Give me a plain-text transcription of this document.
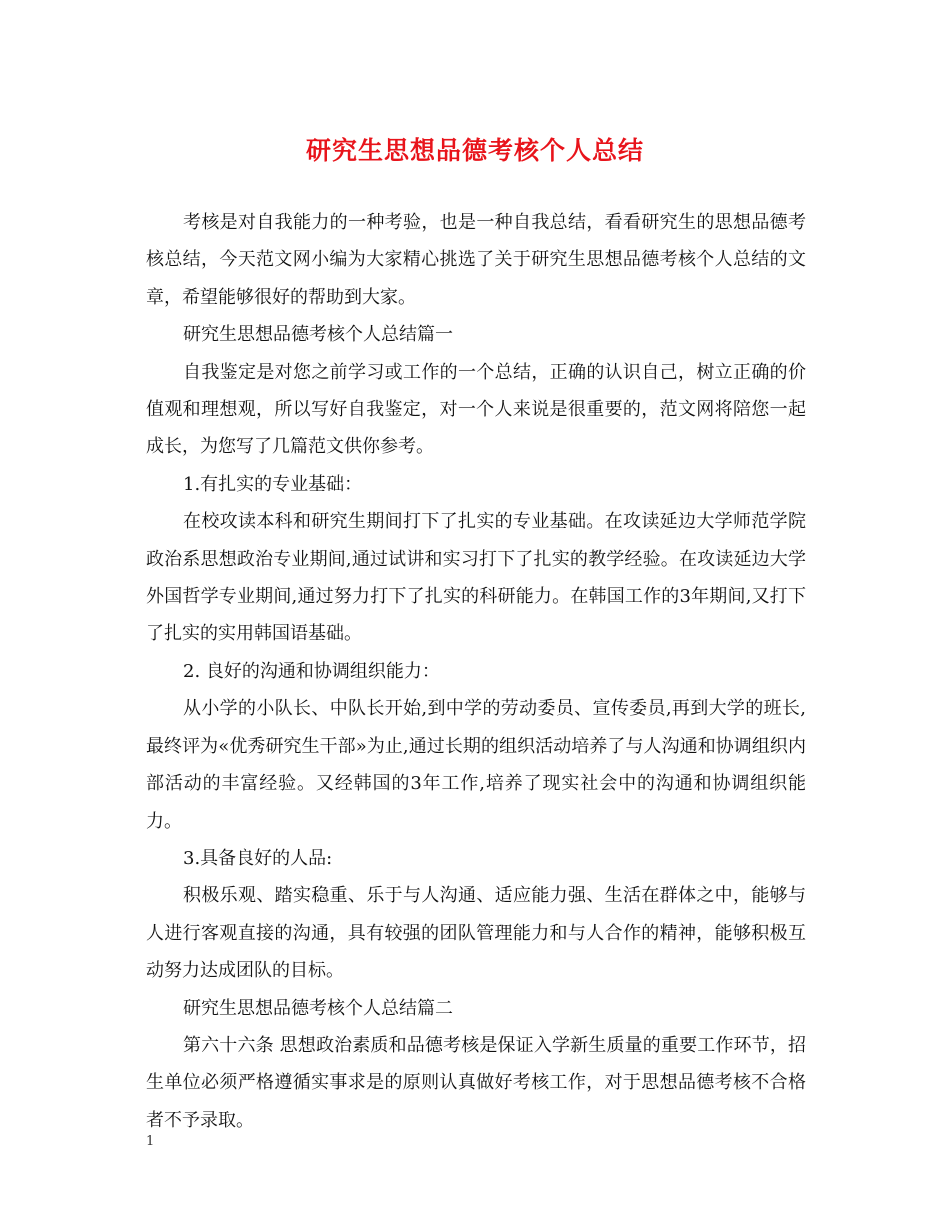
研究生思想品德考核个人总结

考核是对自我能力的一种考验，也是一种自我总结，看看研究生的思想品德考核总结，今天范文网小编为大家精心挑选了关于研究生思想品德考核个人总结的文章，希望能够很好的帮助到大家。

研究生思想品德考核个人总结篇一

自我鉴定是对您之前学习或工作的一个总结，正确的认识自己，树立正确的价值观和理想观，所以写好自我鉴定，对一个人来说是很重要的，范文网将陪您一起成长，为您写了几篇范文供你参考。

1.有扎实的专业基础：

在校攻读本科和研究生期间打下了扎实的专业基础。在攻读延边大学师范学院政治系思想政治专业期间,通过试讲和实习打下了扎实的教学经验。在攻读延边大学外国哲学专业期间,通过努力打下了扎实的科研能力。在韩国工作的3年期间,又打下了扎实的实用韩国语基础。

2. 良好的沟通和协调组织能力：

从小学的小队长、中队长开始,到中学的劳动委员、宣传委员,再到大学的班长,最终评为«优秀研究生干部»为止,通过长期的组织活动培养了与人沟通和协调组织内部活动的丰富经验。又经韩国的3年工作,培养了现实社会中的沟通和协调组织能力。

3.具备良好的人品:

积极乐观、踏实稳重、乐于与人沟通、适应能力强、生活在群体之中，能够与人进行客观直接的沟通，具有较强的团队管理能力和与人合作的精神，能够积极互动努力达成团队的目标。

研究生思想品德考核个人总结篇二

第六十六条 思想政治素质和品德考核是保证入学新生质量的重要工作环节，招生单位必须严格遵循实事求是的原则认真做好考核工作，对于思想品德考核不合格者不予录取。

1
